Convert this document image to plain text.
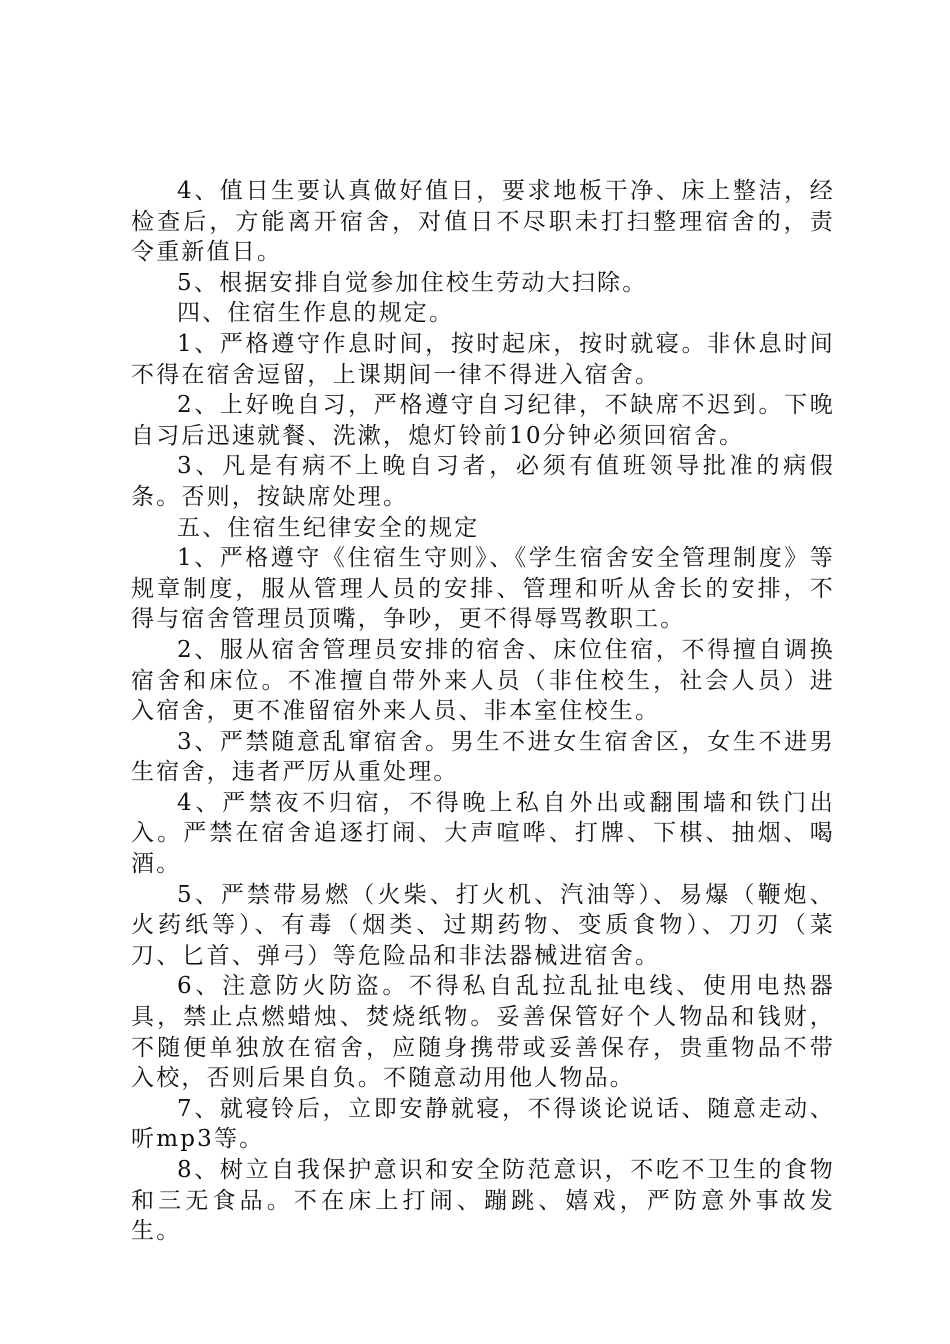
4、值日生要认真做好值日，要求地板干净、床上整洁，经检查后，方能离开宿舍，对值日不尽职未打扫整理宿舍的，责令重新值日。

5、根据安排自觉参加住校生劳动大扫除。

四、住宿生作息的规定。

1、严格遵守作息时间，按时起床，按时就寝。非休息时间不得在宿舍逗留，上课期间一律不得进入宿舍。

2、上好晚自习，严格遵守自习纪律，不缺席不迟到。下晚自习后迅速就餐、洗漱，熄灯铃前10分钟必须回宿舍。

3、凡是有病不上晚自习者，必须有值班领导批准的病假条。否则，按缺席处理。

五、住宿生纪律安全的规定

1、严格遵守《住宿生守则》、《学生宿舍安全管理制度》等规章制度，服从管理人员的安排、管理和听从舍长的安排，不得与宿舍管理员顶嘴，争吵，更不得辱骂教职工。

2、服从宿舍管理员安排的宿舍、床位住宿，不得擅自调换宿舍和床位。不准擅自带外来人员（非住校生，社会人员）进入宿舍，更不准留宿外来人员、非本室住校生。

3、严禁随意乱窜宿舍。男生不进女生宿舍区，女生不进男生宿舍，违者严厉从重处理。

4、严禁夜不归宿，不得晚上私自外出或翻围墙和铁门出入。严禁在宿舍追逐打闹、大声喧哗、打牌、下棋、抽烟、喝酒。

5、严禁带易燃（火柴、打火机、汽油等）、易爆（鞭炮、火药纸等）、有毒（烟类、过期药物、变质食物）、刀刃（菜刀、匕首、弹弓）等危险品和非法器械进宿舍。

6、注意防火防盗。不得私自乱拉乱扯电线、使用电热器具，禁止点燃蜡烛、焚烧纸物。妥善保管好个人物品和钱财，不随便单独放在宿舍，应随身携带或妥善保存，贵重物品不带入校，否则后果自负。不随意动用他人物品。

7、就寝铃后，立即安静就寝，不得谈论说话、随意走动、听mp3等。

8、树立自我保护意识和安全防范意识，不吃不卫生的食物和三无食品。不在床上打闹、蹦跳、嬉戏，严防意外事故发生。
